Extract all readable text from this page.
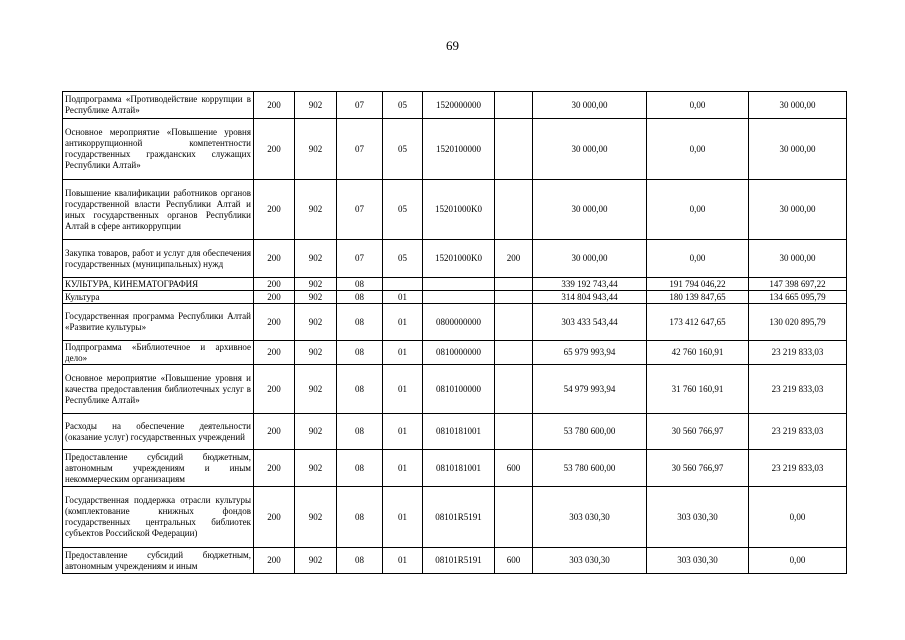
69
Подпрограмма «Противодействие коррупции в Республике Алтай»	200	902	07	05	1520000000		30 000,00	0,00	30 000,00
Основное мероприятие «Повышение уровня антикоррупционной компетентности государственных гражданских служащих Республики Алтай»	200	902	07	05	1520100000		30 000,00	0,00	30 000,00
Повышение квалификации работников органов государственной власти Республики Алтай и иных государственных органов Республики Алтай в сфере антикоррупции	200	902	07	05	15201000K0		30 000,00	0,00	30 000,00
Закупка товаров, работ и услуг для обеспечения государственных (муниципальных) нужд	200	902	07	05	15201000K0	200	30 000,00	0,00	30 000,00
КУЛЬТУРА, КИНЕМАТОГРАФИЯ	200	902	08				339 192 743,44	191 794 046,22	147 398 697,22
Культура	200	902	08	01			314 804 943,44	180 139 847,65	134 665 095,79
Государственная программа Республики Алтай «Развитие культуры»	200	902	08	01	0800000000		303 433 543,44	173 412 647,65	130 020 895,79
Подпрограмма «Библиотечное и архивное дело»	200	902	08	01	0810000000		65 979 993,94	42 760 160,91	23 219 833,03
Основное мероприятие «Повышение уровня и качества предоставления библиотечных услуг в Республике Алтай»	200	902	08	01	0810100000		54 979 993,94	31 760 160,91	23 219 833,03
Расходы на обеспечение деятельности (оказание услуг) государственных учреждений	200	902	08	01	0810181001		53 780 600,00	30 560 766,97	23 219 833,03
Предоставление субсидий бюджетным, автономным учреждениям и иным некоммерческим организациям	200	902	08	01	0810181001	600	53 780 600,00	30 560 766,97	23 219 833,03
Государственная поддержка отрасли культуры (комплектование книжных фондов государственных центральных библиотек субъектов Российской Федерации)	200	902	08	01	08101R5191		303 030,30	303 030,30	0,00
Предоставление субсидий бюджетным, автономным учреждениям и иным	200	902	08	01	08101R5191	600	303 030,30	303 030,30	0,00
